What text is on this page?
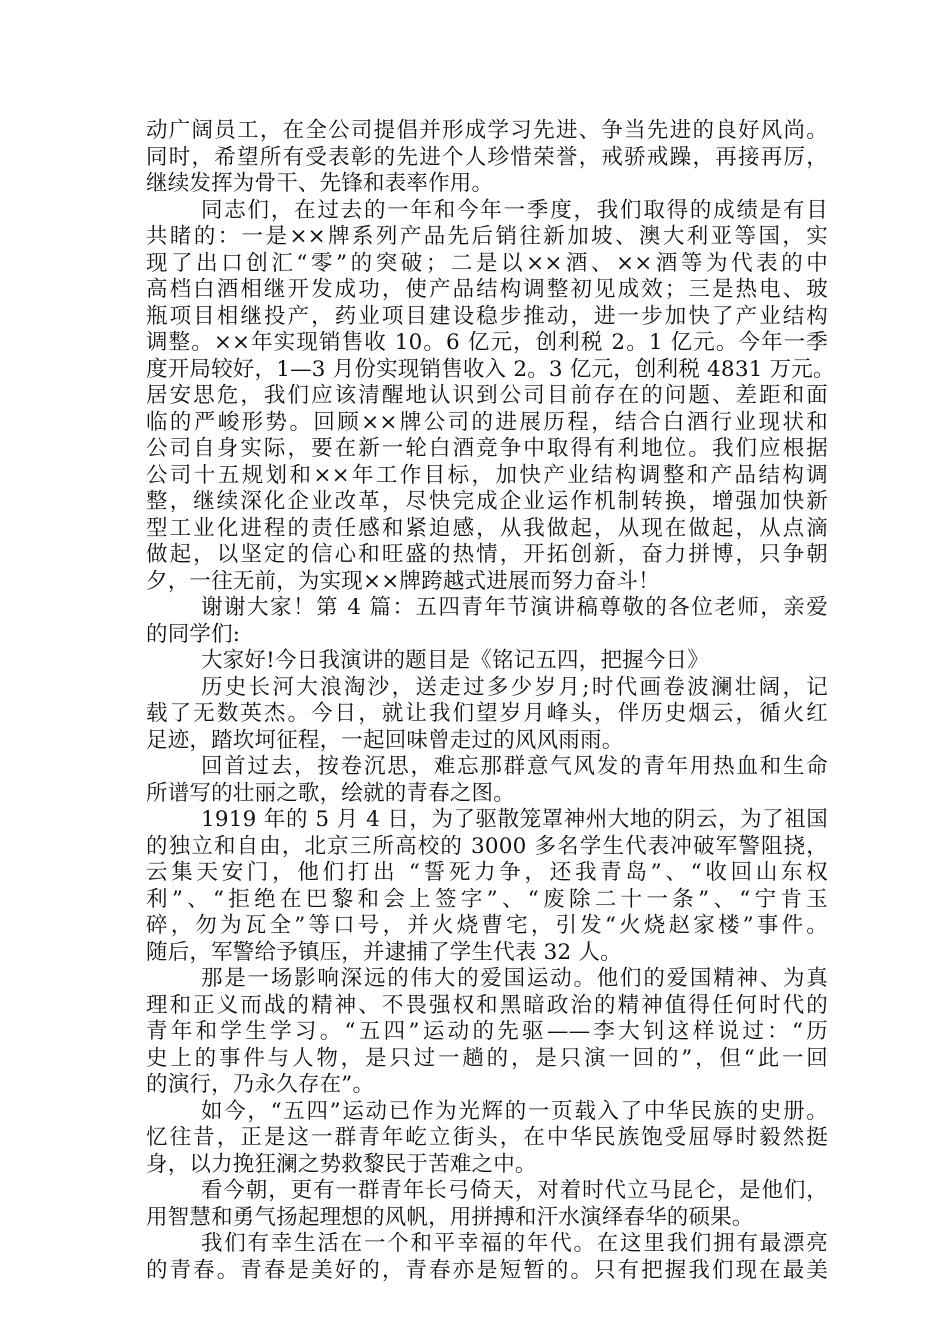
动广阔员工，在全公司提倡并形成学习先进、争当先进的良好风尚。
同时，希望所有受表彰的先进个人珍惜荣誉，戒骄戒躁，再接再厉，
继续发挥为骨干、先锋和表率作用。
同志们，在过去的一年和今年一季度，我们取得的成绩是有目
共睹的：一是××牌系列产品先后销往新加坡、澳大利亚等国，实
现了出口创汇“零”的突破；二是以××酒、××酒等为代表的中
高档白酒相继开发成功，使产品结构调整初见成效；三是热电、玻
瓶项目相继投产，药业项目建设稳步推动，进一步加快了产业结构
调整。××年实现销售收 10。6 亿元，创利税 2。1 亿元。今年一季
度开局较好，1—3 月份实现销售收入 2。3 亿元，创利税 4831 万元。
居安思危，我们应该清醒地认识到公司目前存在的问题、差距和面
临的严峻形势。回顾××牌公司的进展历程，结合白酒行业现状和
公司自身实际，要在新一轮白酒竞争中取得有利地位。我们应根据
公司十五规划和××年工作目标，加快产业结构调整和产品结构调
整，继续深化企业改革，尽快完成企业运作机制转换，增强加快新
型工业化进程的责任感和紧迫感，从我做起，从现在做起，从点滴
做起，以坚定的信心和旺盛的热情，开拓创新，奋力拼博，只争朝
夕，一往无前，为实现××牌跨越式进展而努力奋斗！
谢谢大家！第 4 篇：五四青年节演讲稿尊敬的各位老师，亲爱
的同学们:
大家好!今日我演讲的题目是《铭记五四，把握今日》
历史长河大浪淘沙，送走过多少岁月;时代画卷波澜壮阔，记
载了无数英杰。今日，就让我们望岁月峰头，伴历史烟云，循火红
足迹，踏坎坷征程，一起回味曾走过的风风雨雨。
回首过去，按卷沉思，难忘那群意气风发的青年用热血和生命
所谱写的壮丽之歌，绘就的青春之图。
1919 年的 5 月 4 日，为了驱散笼罩神州大地的阴云，为了祖国
的独立和自由，北京三所高校的 3000 多名学生代表冲破军警阻挠，
云集天安门，他们打出 “誓死力争，还我青岛”、“收回山东权
利”、“拒绝在巴黎和会上签字”、“废除二十一条”、“宁肯玉
碎，勿为瓦全”等口号，并火烧曹宅，引发“火烧赵家楼”事件。
随后，军警给予镇压，并逮捕了学生代表 32 人。
那是一场影响深远的伟大的爱国运动。他们的爱国精神、为真
理和正义而战的精神、不畏强权和黑暗政治的精神值得任何时代的
青年和学生学习。“五四”运动的先驱——李大钊这样说过：“历
史上的事件与人物，是只过一趟的，是只演一回的”，但“此一回
的演行，乃永久存在”。
如今，“五四”运动已作为光辉的一页载入了中华民族的史册。
忆往昔，正是这一群青年屹立街头，在中华民族饱受屈辱时毅然挺
身，以力挽狂澜之势救黎民于苦难之中。
看今朝，更有一群青年长弓倚天，对着时代立马昆仑，是他们，
用智慧和勇气扬起理想的风帆，用拼搏和汗水演绎春华的硕果。
我们有幸生活在一个和平幸福的年代。在这里我们拥有最漂亮
的青春。青春是美好的，青春亦是短暂的。只有把握我们现在最美
